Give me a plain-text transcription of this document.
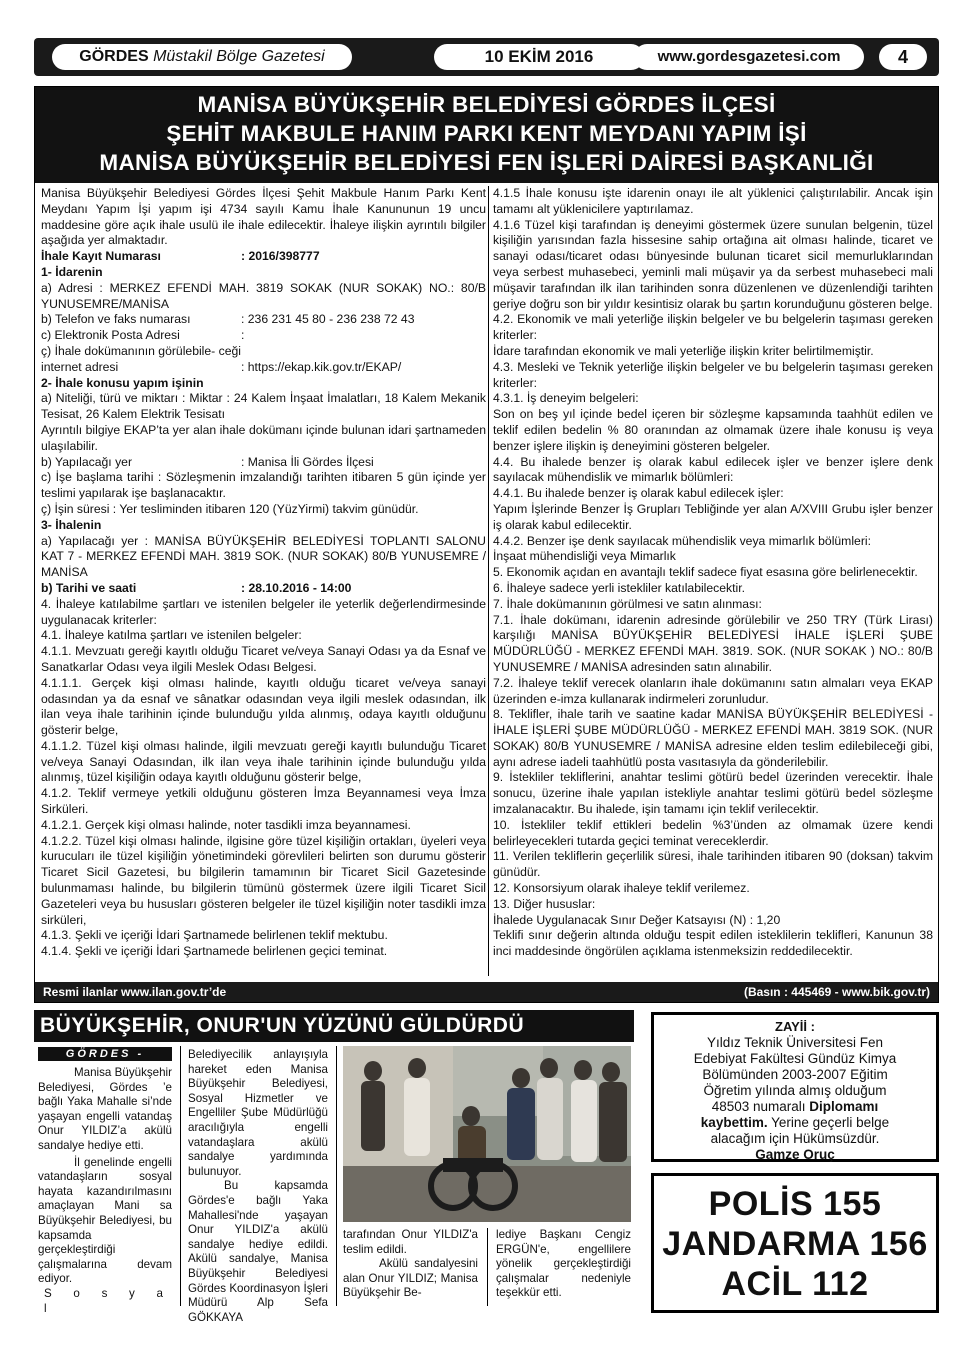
GÖRDES Müstakil Bölge Gazetesi	10 EKİM 2016	www.gordesgazetesi.com	4
MANİSA BÜYÜKŞEHİR BELEDİYESİ GÖRDES İLÇESİ
ŞEHİT MAKBULE HANIM PARKI KENT MEYDANI YAPIM İŞİ
MANİSA BÜYÜKŞEHİR BELEDİYESİ FEN İŞLERİ DAİRESİ BAŞKANLIĞI

Manisa Büyükşehir Belediyesi Gördes İlçesi Şehit Makbule Hanım Parkı Kent Meydanı Yapım İşi yapım işi 4734 sayılı Kamu İhale Kanununun 19 uncu maddesine göre açık ihale usulü ile ihale edilecektir. İhaleye ilişkin ayrıntılı bilgiler aşağıda yer almaktadır.

İhale Kayıt Numarası	: 2016/398777

1- İdarenin

a) Adresi : MERKEZ EFENDİ MAH. 3819 SOKAK (NUR SOKAK) NO.: 80/B YUNUSEMRE/MANİSA

b) Telefon ve faks numarası	: 236 231 45 80 - 236 238 72 43
c) Elektronik Posta Adresi	:
ç) İhale dokümanının görülebile- ceği internet adresi	: https://ekap.kik.gov.tr/EKAP/

2- İhale konusu yapım işinin

a) Niteliği, türü ve miktarı : Miktar : 24 Kalem İnşaat İmalatları, 18 Kalem Mekanik Tesisat, 26 Kalem Elektrik Tesisatı

Ayrıntılı bilgiye EKAP’ta yer alan ihale dokümanı içinde bulunan idari şartnameden ulaşılabilir.

b) Yapılacağı yer	: Manisa İli Gördes İlçesi

c) İşe başlama tarihi : Sözleşmenin imzalandığı tarihten itibaren 5 gün içinde yer teslimi yapılarak işe başlanacaktır.

ç) İşin süresi : Yer tesliminden itibaren 120 (YüzYirmi) takvim günüdür.

3- İhalenin

a) Yapılacağı yer : MANİSA BÜYÜKŞEHİR BELEDİYESİ TOPLANTI SALONU KAT 7 - MERKEZ EFENDİ MAH. 3819 SOK. (NUR SOKAK) 80/B YUNUSEMRE / MANİSA

b) Tarihi ve saati	: 28.10.2016 - 14:00

4. İhaleye katılabilme şartları ve istenilen belgeler ile yeterlik değerlendirmesinde uygulanacak kriterler:

4.1. İhaleye katılma şartları ve istenilen belgeler:

4.1.1. Mevzuatı gereği kayıtlı olduğu Ticaret ve/veya Sanayi Odası ya da Esnaf ve Sanatkarlar Odası veya ilgili Meslek Odası Belgesi.

4.1.1.1. Gerçek kişi olması halinde, kayıtlı olduğu ticaret ve/veya sanayi odasından ya da esnaf ve sânatkar odasından veya ilgili meslek odasından, ilk ilan veya ihale tarihinin içinde bulunduğu yılda alınmış, odaya kayıtlı olduğunu gösterir belge,

4.1.1.2. Tüzel kişi olması halinde, ilgili mevzuatı gereği kayıtlı bulunduğu Ticaret ve/veya Sanayi Odasından, ilk ilan veya ihale tarihinin içinde bulunduğu yılda alınmış, tüzel kişiliğin odaya kayıtlı olduğunu gösterir belge,

4.1.2. Teklif vermeye yetkili olduğunu gösteren İmza Beyannamesi veya İmza Sirküleri.

4.1.2.1. Gerçek kişi olması halinde, noter tasdikli imza beyannamesi.

4.1.2.2. Tüzel kişi olması halinde, ilgisine göre tüzel kişiliğin ortakları, üyeleri veya kurucuları ile tüzel kişiliğin yönetimindeki görevlileri belirten son durumu gösterir Ticaret Sicil Gazetesi, bu bilgilerin tamamının bir Ticaret Sicil Gazetesinde bulunmaması halinde, bu bilgilerin tümünü göstermek üzere ilgili Ticaret Sicil Gazeteleri veya bu hususları gösteren belgeler ile tüzel kişiliğin noter tasdikli imza sirküleri,

4.1.3. Şekli ve içeriği İdari Şartnamede belirlenen teklif mektubu.

4.1.4. Şekli ve içeriği İdari Şartnamede belirlenen geçici teminat.

4.1.5 İhale konusu işte idarenin onayı ile alt yüklenici çalıştırılabilir. Ancak işin tamamı alt yüklenicilere yaptırılamaz.

4.1.6 Tüzel kişi tarafından iş deneyimi göstermek üzere sunulan belgenin, tüzel kişiliğin yarısından fazla hissesine sahip ortağına ait olması halinde, ticaret ve sanayi odası/ticaret odası bünyesinde bulunan ticaret sicil memurluklarından veya serbest muhasebeci, yeminli mali müşavir ya da serbest muhasebeci mali müşavir tarafından ilk ilan tarihinden sonra düzenlenen ve düzenlendiği tarihten geriye doğru son bir yıldır kesintisiz olarak bu şartın korunduğunu gösteren belge.

4.2. Ekonomik ve mali yeterliğe ilişkin belgeler ve bu belgelerin taşıması gereken kriterler:

İdare tarafından ekonomik ve mali yeterliğe ilişkin kriter belirtilmemiştir.

4.3. Mesleki ve Teknik yeterliğe ilişkin belgeler ve bu belgelerin taşıması gereken kriterler:

4.3.1. İş deneyim belgeleri:

Son on beş yıl içinde bedel içeren bir sözleşme kapsamında taahhüt edilen ve teklif edilen bedelin % 80 oranından az olmamak üzere ihale konusu iş veya benzer işlere ilişkin iş deneyimini gösteren belgeler.

4.4. Bu ihalede benzer iş olarak kabul edilecek işler ve benzer işlere denk sayılacak mühendislik ve mimarlık bölümleri:

4.4.1. Bu ihalede benzer iş olarak kabul edilecek işler:

Yapım İşlerinde Benzer İş Grupları Tebliğinde yer alan A/XVIII Grubu işler benzer iş olarak kabul edilecektir.

4.4.2. Benzer işe denk sayılacak mühendislik veya mimarlık bölümleri:

İnşaat mühendisliği veya Mimarlık

5. Ekonomik açıdan en avantajlı teklif sadece fiyat esasına göre belirlenecektir.

6. İhaleye sadece yerli istekliler katılabilecektir.

7. İhale dokümanının görülmesi ve satın alınması:

7.1. İhale dokümanı, idarenin adresinde görülebilir ve 250 TRY (Türk Lirası) karşılığı MANİSA BÜYÜKŞEHİR BELEDİYESİ İHALE İŞLERİ ŞUBE MÜDÜRLÜĞÜ - MERKEZ EFENDİ MAH. 3819. SOK. (NUR SOKAK ) NO.: 80/B YUNUSEMRE / MANİSA adresinden satın alınabilir.

7.2. İhaleye teklif verecek olanların ihale dokümanını satın almaları veya EKAP üzerinden e-imza kullanarak indirmeleri zorunludur.

8. Teklifler, ihale tarih ve saatine kadar MANİSA BÜYÜKŞEHİR BELEDİYESİ - İHALE İŞLERİ ŞUBE MÜDÜRLÜĞÜ - MERKEZ EFENDİ MAH. 3819 SOK. (NUR SOKAK) 80/B YUNUSEMRE / MANİSA adresine elden teslim edilebileceği gibi, aynı adrese iadeli taahhütlü posta vasıtasıyla da gönderilebilir.

9. İstekliler tekliflerini, anahtar teslimi götürü bedel üzerinden verecektir. İhale sonucu, üzerine ihale yapılan istekliyle anahtar teslimi götürü bedel sözleşme imzalanacaktır. Bu ihalede, işin tamamı için teklif verilecektir.

10. İstekliler teklif ettikleri bedelin %3’ünden az olmamak üzere kendi belirleyecekleri tutarda geçici teminat vereceklerdir.

11. Verilen tekliflerin geçerlilik süresi, ihale tarihinden itibaren 90 (doksan) takvim günüdür.

12. Konsorsiyum olarak ihaleye teklif verilemez.

13. Diğer hususlar:

İhalede Uygulanacak Sınır Değer Katsayısı (N) : 1,20

Teklifi sınır değerin altında olduğu tespit edilen isteklilerin teklifleri, Kanunun 38 inci maddesinde öngörülen açıklama istenmeksizin reddedilecektir.

Resmi ilanlar www.ilan.gov.tr’de	(Basın : 445469 - www.bik.gov.tr)
BÜYÜKŞEHİR, ONUR'UN YÜZÜNÜ GÜLDÜRDÜ
GÖRDES -

Manisa Büyükşehir Belediyesi, Gördes ’e bağlı Yaka Mahalle si’nde yaşayan engelli vatandaş Onur YILDIZ’a akülü sandalye hediye etti.

İl genelinde engelli vatandaşların sosyal hayata kazandırılmasını amaçlayan Mani sa Büyükşehir Belediyesi, bu kapsamda gerçekleştirdiği çalışmalarına devam ediyor.

S o s y a l

Belediyecilik anlayışıyla hareket eden Manisa Büyükşehir Belediyesi, Sosyal Hizmetler ve Engelliler Şube Müdürlüğü aracılığıyla engelli vatandaşlara akülü sandalye yardımında bulunuyor.

Bu kapsamda Gördes'e bağlı Yaka Mahallesi'nde yaşayan Onur YILDIZ'a akülü sandalye hediye edildi. Akülü sandalye, Manisa Büyükşehir Belediyesi Gördes Koordinasyon İşleri Müdürü Alp Sefa GÖKKAYA

tarafından Onur YILDIZ'a teslim edildi.

Akülü sandalyesini alan Onur YILDIZ; Manisa Büyükşehir Be-

lediye Başkanı Cengiz ERGÜN'e, engellilere yönelik gerçekleştirdiği çalışmalar nedeniyle teşekkür etti.

ZAYİİ :
Yıldız Teknik Üniversitesi Fen
Edebiyat Fakültesi Gündüz Kimya
Bölümünden 2003-2007 Eğitim
Öğretim yılında almış olduğum
48503 numaralı Diplomamı
kaybettim. Yerine geçerli belge
alacağım için Hükümsüzdür.
Gamze Oruç
POLİS 155
JANDARMA 156
ACİL 112
